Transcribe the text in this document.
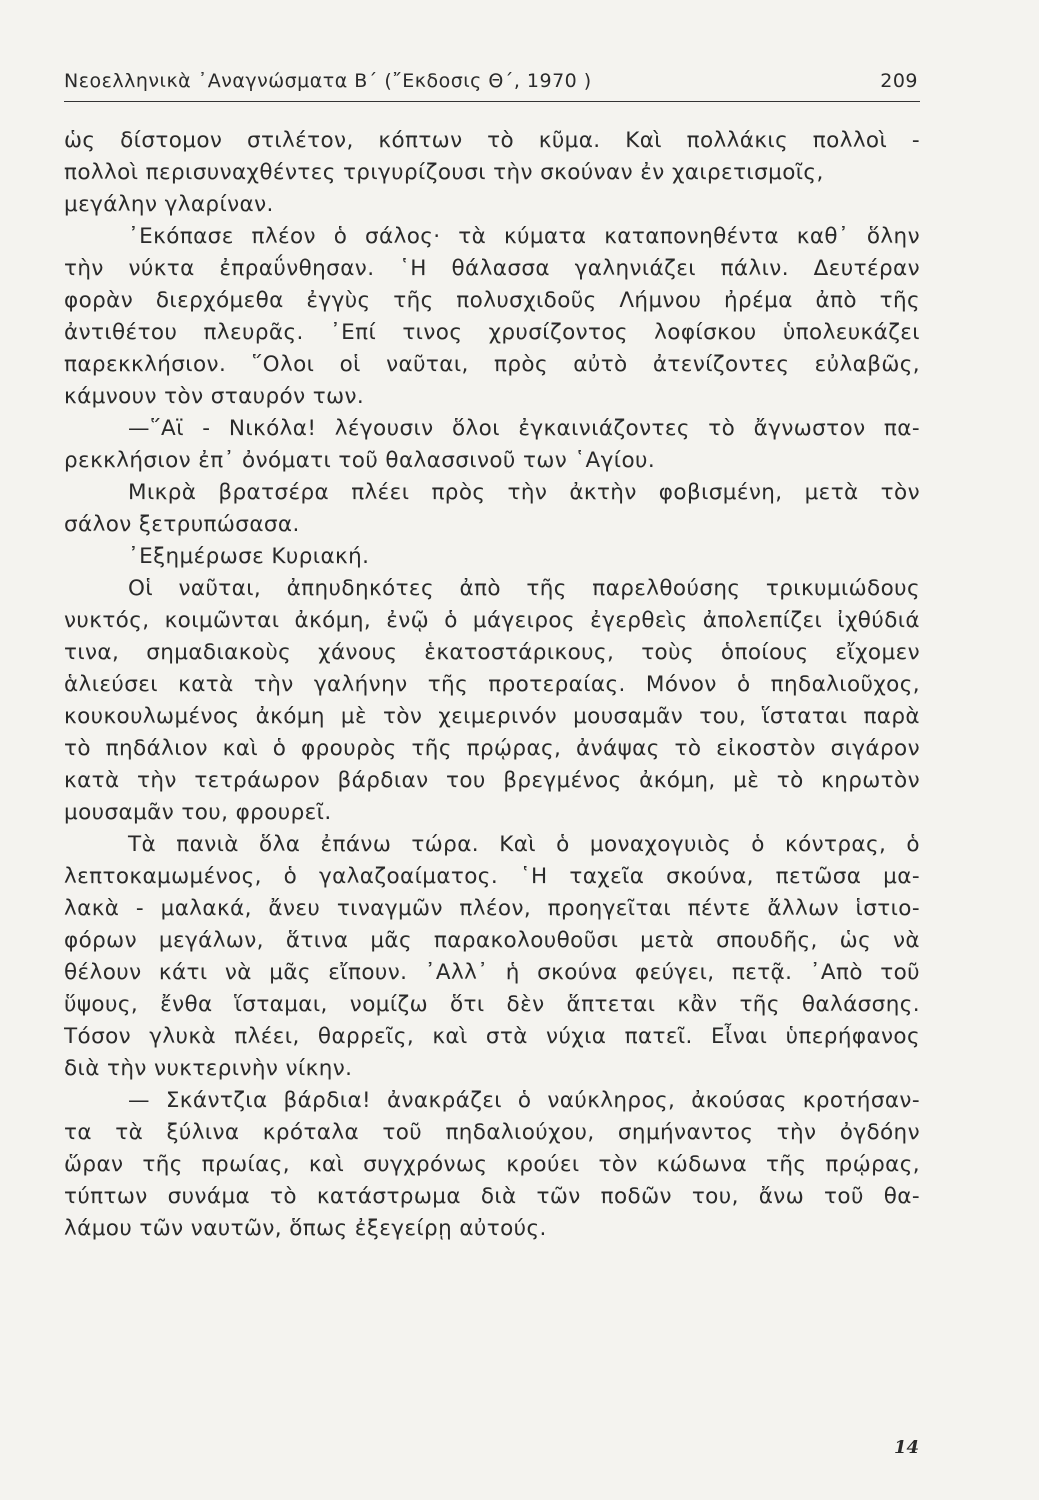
Νεοελληνικὰ ᾿Αναγνώσματα Β΄ (῎Εκδοσις Θ΄, 1970 )	209
ὡς δίστομον στιλέτον, κόπτων τὸ κῦμα. Καὶ πολλάκις πολλοὶ -
πολλοὶ περισυναχθέντες τριγυρίζουσι τὴν σκούναν ἐν χαιρετισμοῖς,
μεγάλην γλαρίναν.
᾿Εκόπασε πλέον ὁ σάλος· τὰ κύματα καταπονηθέντα καθ᾿ ὅλην
τὴν νύκτα ἐπραΰνθησαν. ῾Η θάλασσα γαληνιάζει πάλιν. Δευτέραν
φορὰν διερχόμεθα ἐγγὺς τῆς πολυσχιδοῦς Λήμνου ἠρέμα ἀπὸ τῆς
ἀντιθέτου πλευρᾶς. ᾿Επί τινος χρυσίζοντος λοφίσκου ὑπολευκάζει
παρεκκλήσιον. ῞Ολοι οἱ ναῦται, πρὸς αὐτὸ ἀτενίζοντες εὐλαβῶς,
κάμνουν τὸν σταυρόν των.
—῞Αϊ - Νικόλα! λέγουσιν ὅλοι ἐγκαινιάζοντες τὸ ἄγνωστον πα-
ρεκκλήσιον ἐπ᾿ ὀνόματι τοῦ θαλασσινοῦ των ῾Αγίου.
Μικρὰ βρατσέρα πλέει πρὸς τὴν ἀκτὴν φοβισμένη, μετὰ τὸν
σάλον ξετρυπώσασα.
᾿Εξημέρωσε Κυριακή.
Οἱ ναῦται, ἀπηυδηκότες ἀπὸ τῆς παρελθούσης τρικυμιώδους
νυκτός, κοιμῶνται ἀκόμη, ἐνῷ ὁ μάγειρος ἐγερθεὶς ἀπολεπίζει ἰχθύδιά
τινα, σημαδιακοὺς χάνους ἑκατοστάρικους, τοὺς ὁποίους εἴχομεν
ἁλιεύσει κατὰ τὴν γαλήνην τῆς προτεραίας. Μόνον ὁ πηδαλιοῦχος,
κουκουλωμένος ἀκόμη μὲ τὸν χειμερινόν μουσαμᾶν του, ἵσταται παρὰ
τὸ πηδάλιον καὶ ὁ φρουρὸς τῆς πρῴρας, ἀνάψας τὸ εἰκοστὸν σιγάρον
κατὰ τὴν τετράωρον βάρδιαν του βρεγμένος ἀκόμη, μὲ τὸ κηρωτὸν
μουσαμᾶν του, φρουρεῖ.
Τὰ πανιὰ ὅλα ἐπάνω τώρα. Καὶ ὁ μοναχογυιὸς ὁ κόντρας, ὁ
λεπτοκαμωμένος, ὁ γαλαζοαίματος. ῾Η ταχεῖα σκούνα, πετῶσα μα-
λακὰ - μαλακά, ἄνευ τιναγμῶν πλέον, προηγεῖται πέντε ἄλλων ἱστιο-
φόρων μεγάλων, ἅτινα μᾶς παρακολουθοῦσι μετὰ σπουδῆς, ὡς νὰ
θέλουν κάτι νὰ μᾶς εἴπουν. ᾿Αλλ᾿ ἡ σκούνα φεύγει, πετᾷ. ᾿Απὸ τοῦ
ὕψους, ἔνθα ἵσταμαι, νομίζω ὅτι δὲν ἅπτεται κἂν τῆς θαλάσσης.
Τόσον γλυκὰ πλέει, θαρρεῖς, καὶ στὰ νύχια πατεῖ. Εἶναι ὑπερήφανος
διὰ τὴν νυκτερινὴν νίκην.
— Σκάντζια βάρδια! ἀνακράζει ὁ ναύκληρος, ἀκούσας κροτήσαν-
τα τὰ ξύλινα κρόταλα τοῦ πηδαλιούχου, σημήναντος τὴν ὀγδόην
ὥραν τῆς πρωίας, καὶ συγχρόνως κρούει τὸν κώδωνα τῆς πρῴρας,
τύπτων συνάμα τὸ κατάστρωμα διὰ τῶν ποδῶν του, ἄνω τοῦ θα-
λάμου τῶν ναυτῶν, ὅπως ἐξεγείρῃ αὐτούς.
14
